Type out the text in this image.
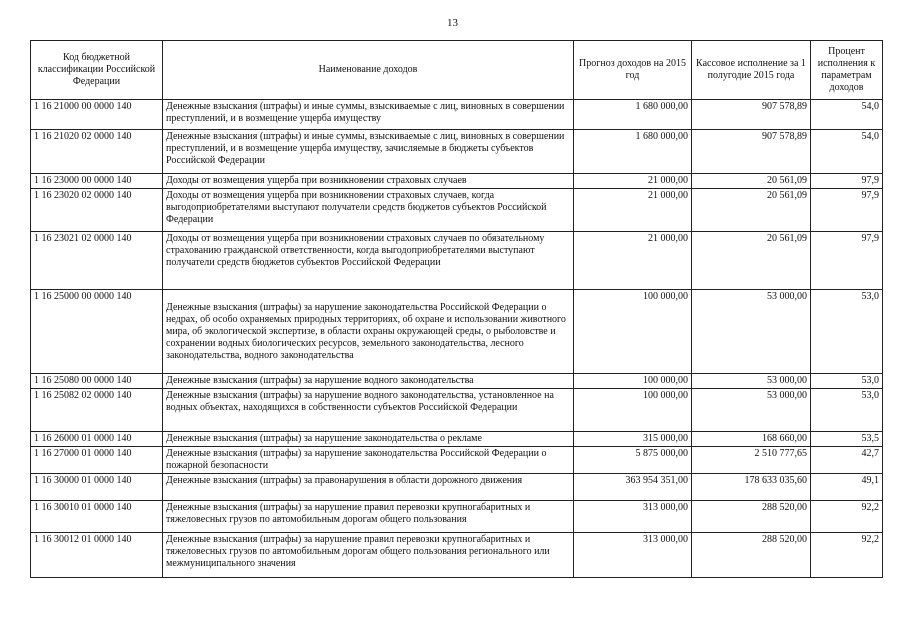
13
Код бюджетной классификации Российской Федерации	Наименование доходов	Прогноз доходов на 2015 год	Кассовое исполнение за 1 полугодие 2015 года	Процент исполнения к параметрам доходов
1 16 21000 00 0000 140	Денежные взыскания (штрафы) и иные суммы, взыскиваемые с лиц, виновных в совершении преступлений, и в возмещение ущерба имуществу	1 680 000,00	907 578,89	54,0
1 16 21020 02 0000 140	Денежные взыскания (штрафы) и иные суммы, взыскиваемые с лиц, виновных в совершении преступлений, и в возмещение ущерба имуществу, зачисляемые в бюджеты субъектов Российской Федерации	1 680 000,00	907 578,89	54,0
1 16 23000 00 0000 140	Доходы от возмещения ущерба при возникновении страховых случаев	21 000,00	20 561,09	97,9
1 16 23020 02 0000 140	Доходы от возмещения ущерба при возникновении страховых случаев, когда выгодоприобретателями выступают получатели средств бюджетов субъектов Российской Федерации	21 000,00	20 561,09	97,9
1 16 23021 02 0000 140	Доходы от возмещения ущерба при возникновении страховых случаев по обязательному страхованию гражданской ответственности, когда выгодоприобретателями выступают получатели средств бюджетов субъектов Российской Федерации	21 000,00	20 561,09	97,9
1 16 25000 00 0000 140	Денежные взыскания (штрафы) за нарушение законодательства Российской Федерации о недрах, об особо охраняемых природных территориях, об охране и использовании животного мира, об экологической экспертизе, в области охраны окружающей среды, о рыболовстве и сохранении водных биологических ресурсов, земельного законодательства, лесного законодательства, водного законодательства	100 000,00	53 000,00	53,0
1 16 25080 00 0000 140	Денежные взыскания (штрафы) за нарушение водного законодательства	100 000,00	53 000,00	53,0
1 16 25082 02 0000 140	Денежные взыскания (штрафы) за нарушение водного законодательства, установленное на водных объектах, находящихся в собственности субъектов Российской Федерации	100 000,00	53 000,00	53,0
1 16 26000 01 0000 140	Денежные взыскания (штрафы) за нарушение законодательства о рекламе	315 000,00	168 660,00	53,5
1 16 27000 01 0000 140	Денежные взыскания (штрафы) за нарушение законодательства Российской Федерации о пожарной безопасности	5 875 000,00	2 510 777,65	42,7
1 16 30000 01 0000 140	Денежные взыскания (штрафы) за правонарушения в области дорожного движения	363 954 351,00	178 633 035,60	49,1
1 16 30010 01 0000 140	Денежные взыскания (штрафы) за нарушение правил перевозки крупногабаритных и тяжеловесных грузов по автомобильным дорогам общего пользования	313 000,00	288 520,00	92,2
1 16 30012 01 0000 140	Денежные взыскания (штрафы) за нарушение правил перевозки крупногабаритных и тяжеловесных грузов по автомобильным дорогам общего пользования регионального или межмуниципального значения	313 000,00	288 520,00	92,2
